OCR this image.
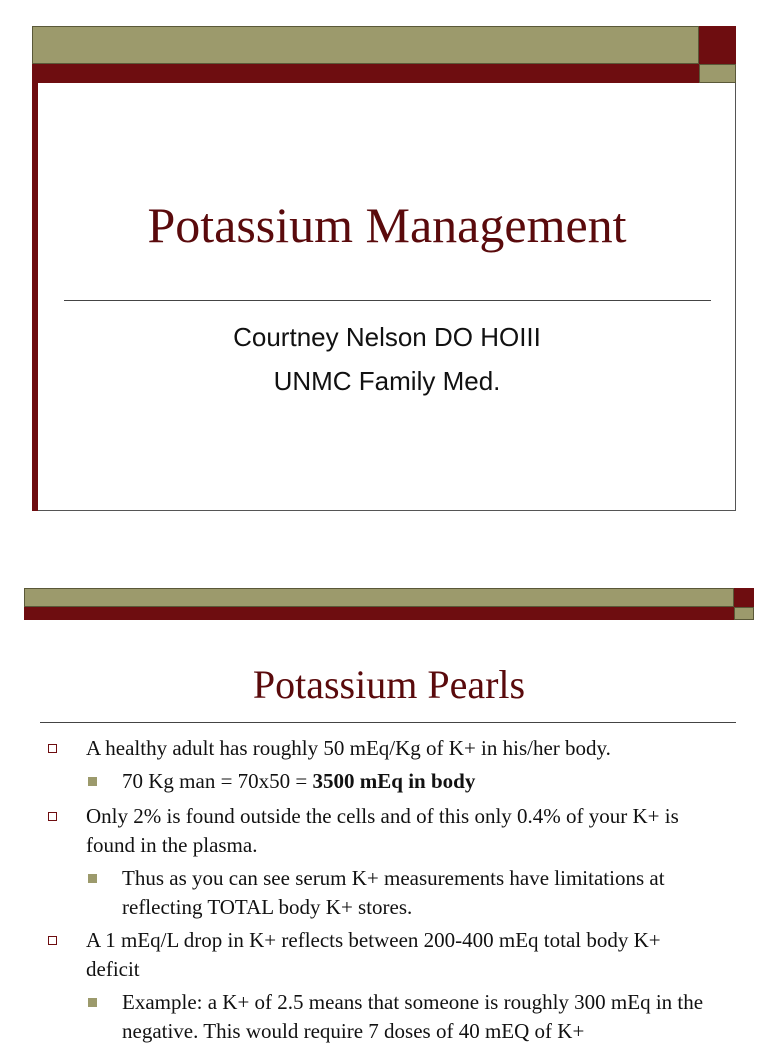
Potassium Management
Courtney Nelson DO HOIII
UNMC Family Med.
Potassium Pearls
A healthy adult has roughly 50 mEq/Kg of K+ in his/her body.
70 Kg man = 70x50 = 3500 mEq in body
Only 2% is found outside the cells and of this only 0.4% of your K+ is found in the plasma.
Thus as you can see serum K+ measurements have limitations at reflecting TOTAL body K+ stores.
A 1 mEq/L drop in K+ reflects between 200-400 mEq total body K+ deficit
Example: a K+ of 2.5 means that someone is roughly 300 mEq in the negative. This would require 7 doses of 40 mEQ of K+
